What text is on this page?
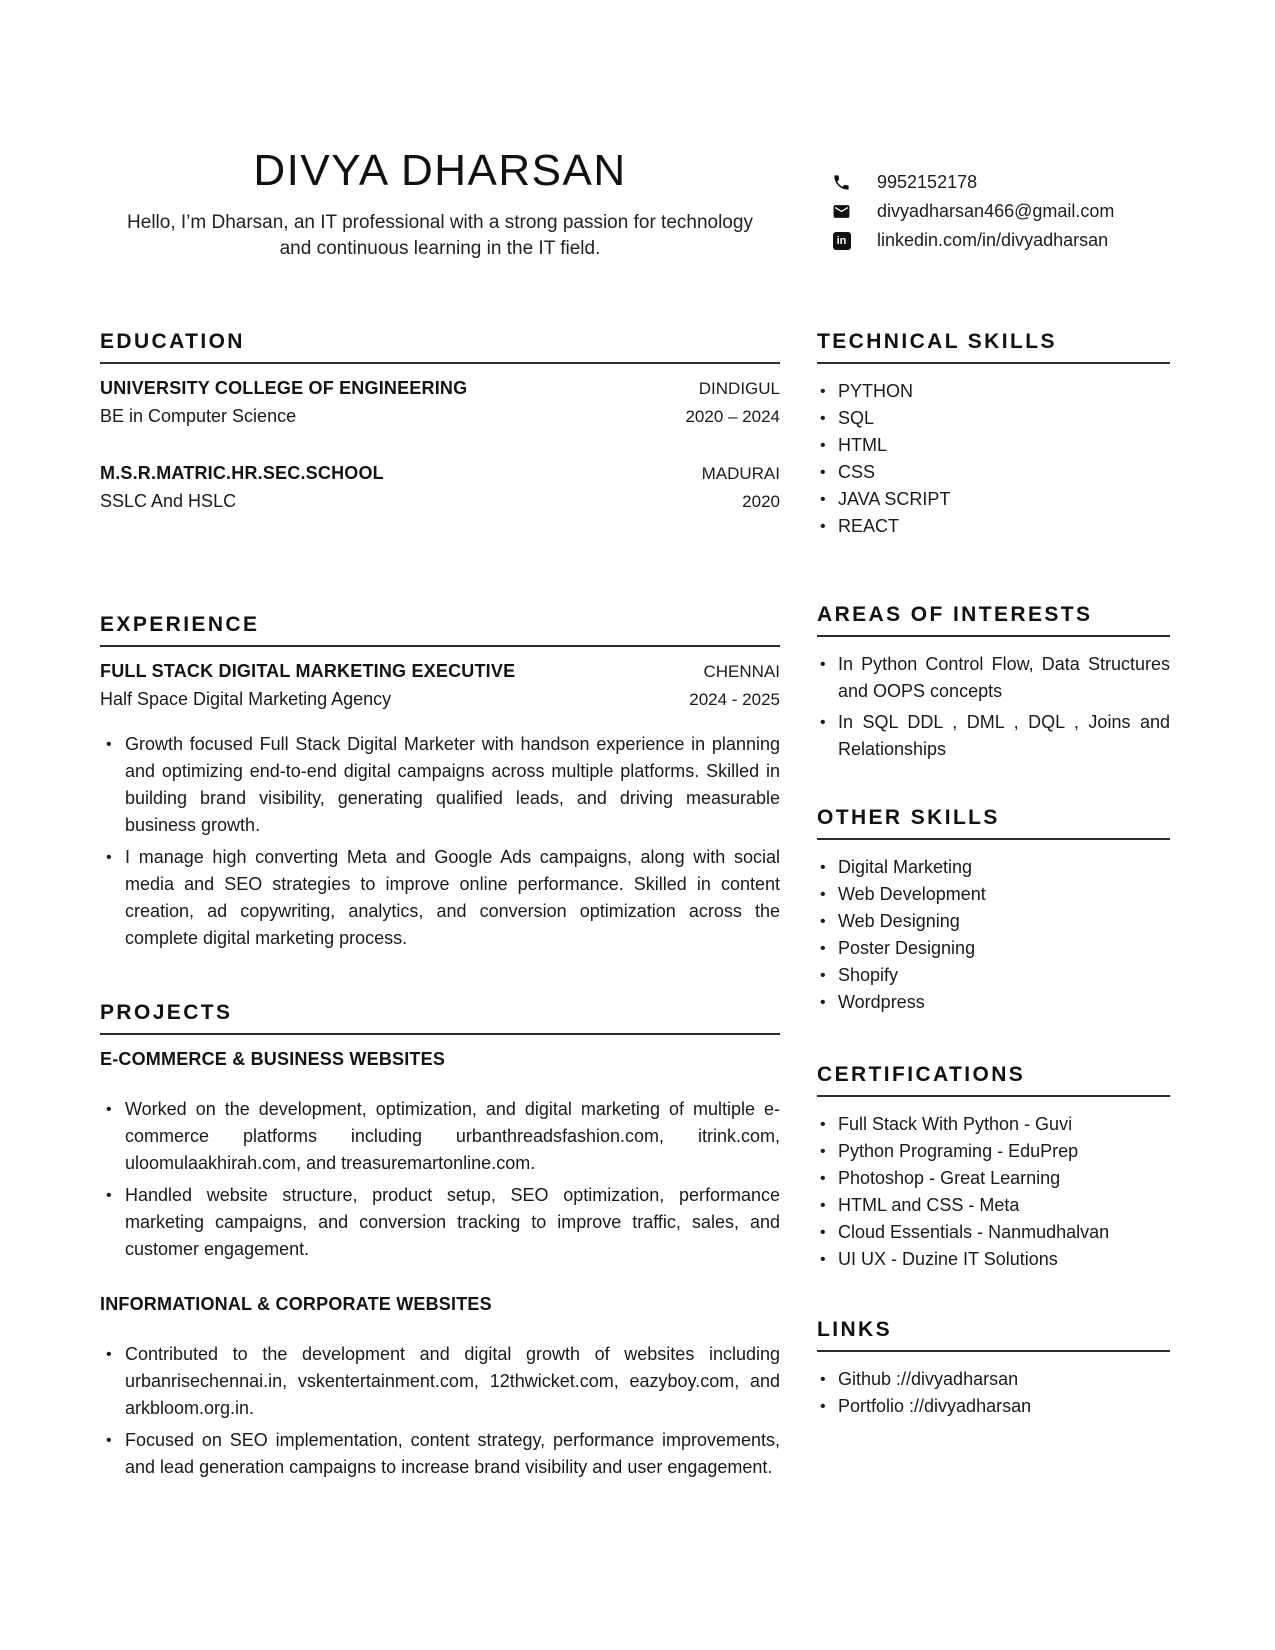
DIVYA DHARSAN
Hello, I’m Dharsan, an IT professional with a strong passion for technology and continuous learning in the IT field.
9952152178
divyadharsan466@gmail.com
in linkedin.com/in/divyadharsan
EDUCATION
UNIVERSITY COLLEGE OF ENGINEERING	DINDIGUL
BE in Computer Science	2020 – 2024
M.S.R.MATRIC.HR.SEC.SCHOOL	MADURAI
SSLC And HSLC	2020
EXPERIENCE
FULL STACK DIGITAL MARKETING EXECUTIVE	CHENNAI
Half Space Digital Marketing Agency	2024 - 2025
• Growth focused Full Stack Digital Marketer with handson experience in planning and optimizing end-to-end digital campaigns across multiple platforms. Skilled in building brand visibility, generating qualified leads, and driving measurable business growth.
• I manage high converting Meta and Google Ads campaigns, along with social media and SEO strategies to improve online performance. Skilled in content creation, ad copywriting, analytics, and conversion optimization across the complete digital marketing process.
PROJECTS
E-COMMERCE & BUSINESS WEBSITES
• Worked on the development, optimization, and digital marketing of multiple e-commerce platforms including urbanthreadsfashion.com, itrink.com, uloomulaakhirah.com, and treasuremartonline.com.
• Handled website structure, product setup, SEO optimization, performance marketing campaigns, and conversion tracking to improve traffic, sales, and customer engagement.
INFORMATIONAL & CORPORATE WEBSITES
• Contributed to the development and digital growth of websites including urbanrisechennai.in, vskentertainment.com, 12thwicket.com, eazyboy.com, and arkbloom.org.in.
• Focused on SEO implementation, content strategy, performance improvements, and lead generation campaigns to increase brand visibility and user engagement.
TECHNICAL SKILLS
• PYTHON
• SQL
• HTML
• CSS
• JAVA SCRIPT
• REACT
AREAS OF INTERESTS
• In Python Control Flow, Data Structures and OOPS concepts
• In SQL DDL , DML , DQL , Joins and Relationships
OTHER SKILLS
• Digital Marketing
• Web Development
• Web Designing
• Poster Designing
• Shopify
• Wordpress
CERTIFICATIONS
• Full Stack With Python - Guvi
• Python Programing - EduPrep
• Photoshop - Great Learning
• HTML and CSS - Meta
• Cloud Essentials - Nanmudhalvan
• UI UX - Duzine IT Solutions
LINKS
• Github ://divyadharsan
• Portfolio ://divyadharsan
